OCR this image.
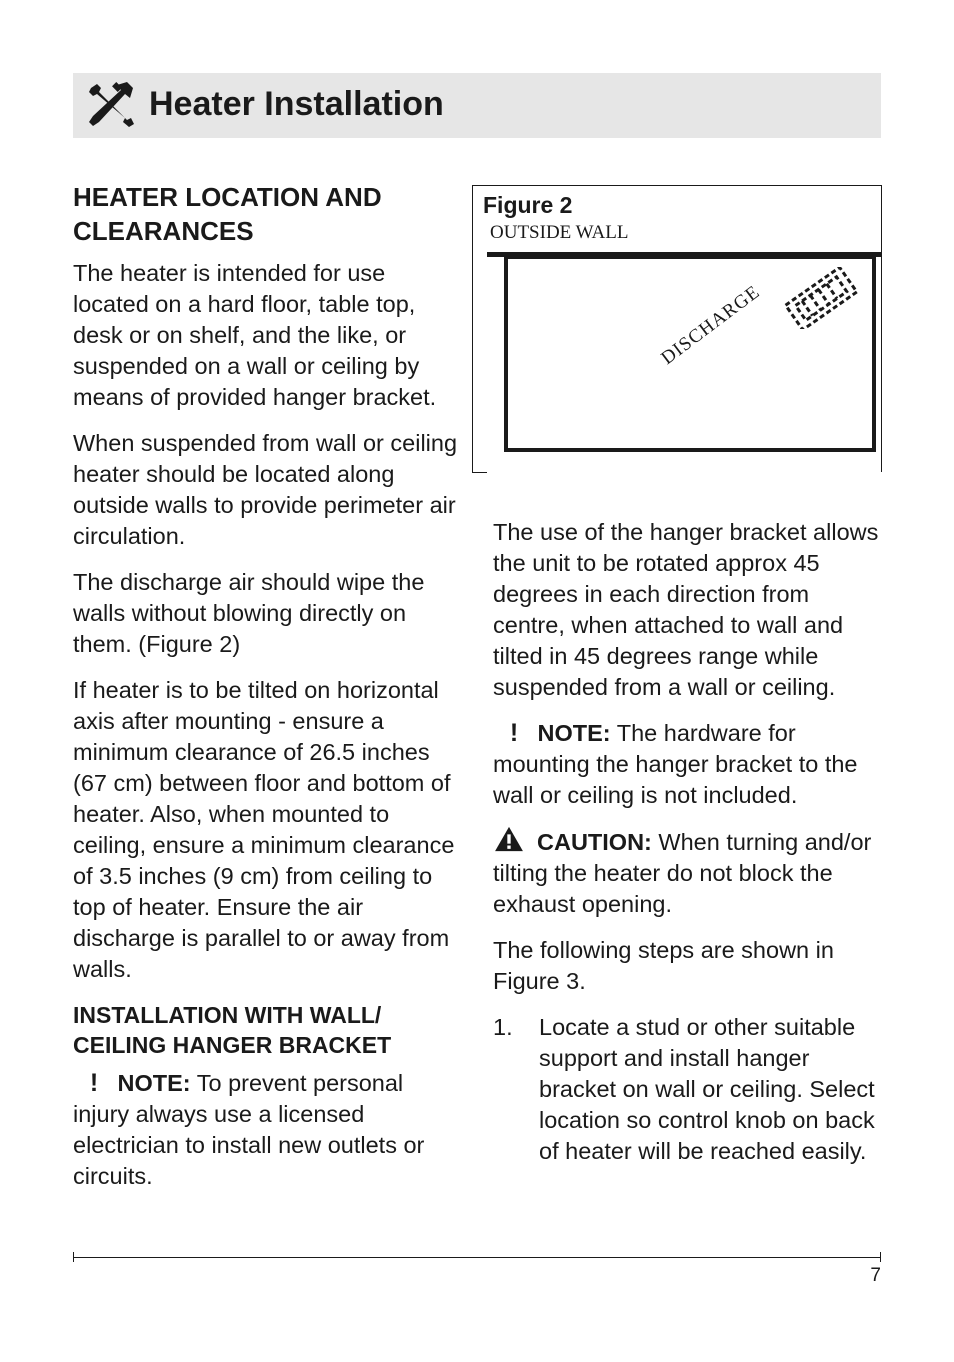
Heater Installation
HEATER LOCATION AND CLEARANCES

The heater is intended for use located on a hard floor, table top, desk or on shelf, and the like, or suspended on a wall or ceiling by means of provided hanger bracket.

When suspended from wall or ceiling heater should be located along outside walls to provide perimeter air circulation.

The discharge air should wipe the walls without blowing directly on them. (Figure 2)

If heater is to be tilted on horizontal axis after mounting - ensure a minimum clearance of 26.5 inches (67 cm) between floor and bottom of heater. Also, when mounted to ceiling, ensure a minimum clearance of 3.5 inches (9 cm) from ceiling to top of heater. Ensure the air discharge is parallel to or away from walls.

INSTALLATION WITH WALL/ CEILING HANGER BRACKET

! NOTE: To prevent personal injury always use a licensed electrician to install new outlets or circuits.

Figure 2
OUTSIDE WALL
DISCHARGE

The use of the hanger bracket allows the unit to be rotated approx 45 degrees in each direction from centre, when attached to wall and tilted in 45 degrees range while suspended from a wall or ceiling.

! NOTE: The hardware for mounting the hanger bracket to the wall or ceiling is not included.

CAUTION: When turning and/or tilting the heater do not block the exhaust opening.

The following steps are shown in Figure 3.

1.	Locate a stud or other suitable support and install hanger bracket on wall or ceiling. Select location so control knob on back of heater will be reached easily.
7
